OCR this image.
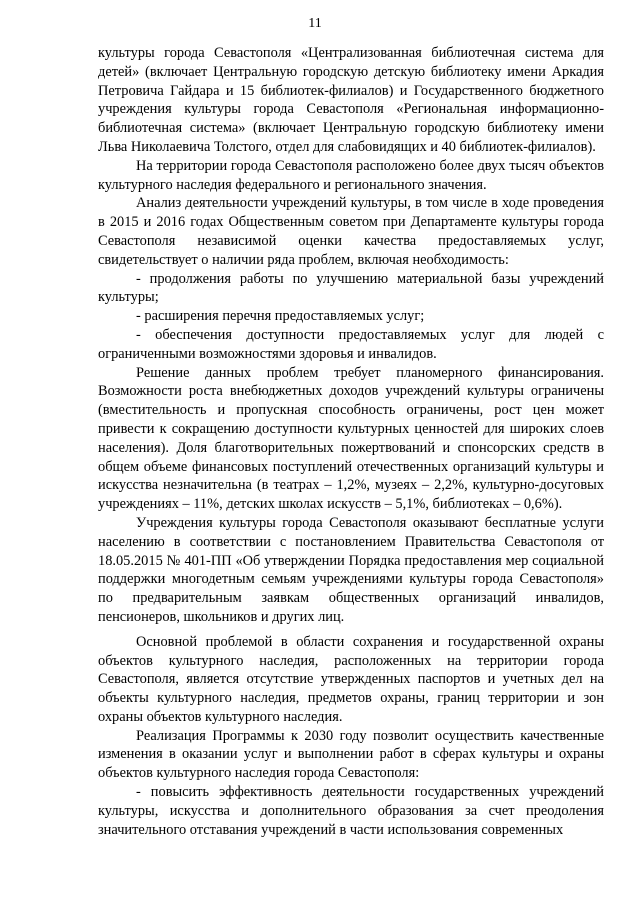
11

культуры города Севастополя «Централизованная библиотечная система для детей» (включает Центральную городскую детскую библиотеку имени Аркадия Петровича Гайдара и 15 библиотек-филиалов) и Государственного бюджетного учреждения культуры города Севастополя «Региональная информационно-библиотечная система» (включает Центральную городскую библиотеку имени Льва Николаевича Толстого, отдел для слабовидящих и 40 библиотек-филиалов).

На территории города Севастополя расположено более двух тысяч объектов культурного наследия федерального и регионального значения.

Анализ деятельности учреждений культуры, в том числе в ходе проведения в 2015 и 2016 годах Общественным советом при Департаменте культуры города Севастополя независимой оценки качества предоставляемых услуг, свидетельствует о наличии ряда проблем, включая необходимость:

- продолжения работы по улучшению материальной базы учреждений культуры;

- расширения перечня предоставляемых услуг;

- обеспечения доступности предоставляемых услуг для людей с ограниченными возможностями здоровья и инвалидов.

Решение данных проблем требует планомерного финансирования. Возможности роста внебюджетных доходов учреждений культуры ограничены (вместительность и пропускная способность ограничены, рост цен может привести к сокращению доступности культурных ценностей для широких слоев населения). Доля благотворительных пожертвований и спонсорских средств в общем объеме финансовых поступлений отечественных организаций культуры и искусства незначительна (в театрах – 1,2%, музеях – 2,2%, культурно-досуговых учреждениях – 11%, детских школах искусств – 5,1%, библиотеках – 0,6%).

Учреждения культуры города Севастополя оказывают бесплатные услуги населению в соответствии с постановлением Правительства Севастополя от 18.05.2015 № 401-ПП «Об утверждении Порядка предоставления мер социальной поддержки многодетным семьям учреждениями культуры города Севастополя» по предварительным заявкам общественных организаций инвалидов, пенсионеров, школьников и других лиц.

Основной проблемой в области сохранения и государственной охраны объектов культурного наследия, расположенных на территории города Севастополя, является отсутствие утвержденных паспортов и учетных дел на объекты культурного наследия, предметов охраны, границ территории и зон охраны объектов культурного наследия.

Реализация Программы к 2030 году позволит осуществить качественные изменения в оказании услуг и выполнении работ в сферах культуры и охраны объектов культурного наследия города Севастополя:

- повысить эффективность деятельности государственных учреждений культуры, искусства и дополнительного образования за счет преодоления значительного отставания учреждений в части использования современных
